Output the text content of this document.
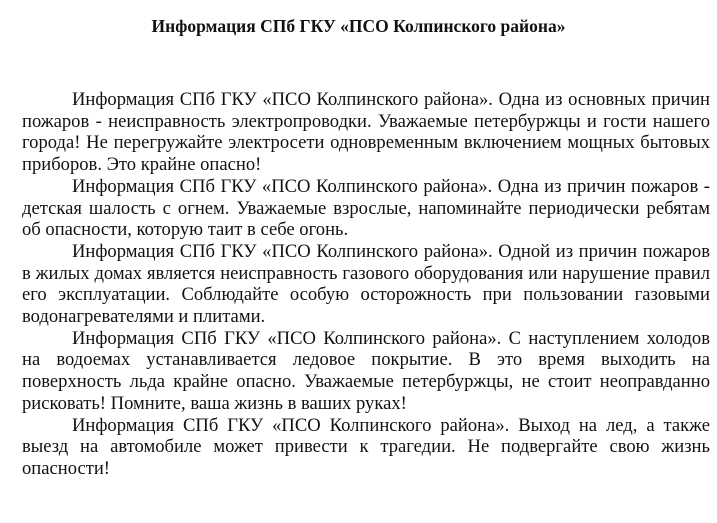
Информация СПб ГКУ «ПСО Колпинского района»

Информация СПб ГКУ «ПСО Колпинского района». Одна из основных причин пожаров - неисправность электропроводки. Уважаемые петербуржцы и гости нашего города! Не перегружайте электросети одновременным включением мощных бытовых приборов. Это крайне опасно!

Информация СПб ГКУ «ПСО Колпинского района». Одна из причин пожаров - детская шалость с огнем. Уважаемые взрослые, напоминайте периодически ребятам об опасности, которую таит в себе огонь.

Информация СПб ГКУ «ПСО Колпинского района». Одной из причин пожаров в жилых домах является неисправность газового оборудования или нарушение правил его эксплуатации. Соблюдайте особую осторожность при пользовании газовыми водонагревателями и плитами.

Информация СПб ГКУ «ПСО Колпинского района». С наступлением холодов на водоемах устанавливается ледовое покрытие. В это время выходить на поверхность льда крайне опасно. Уважаемые петербуржцы, не стоит неоправданно рисковать! Помните, ваша жизнь в ваших руках!

Информация СПб ГКУ «ПСО Колпинского района». Выход на лед, а также выезд на автомобиле может привести к трагедии. Не подвергайте свою жизнь опасности!
